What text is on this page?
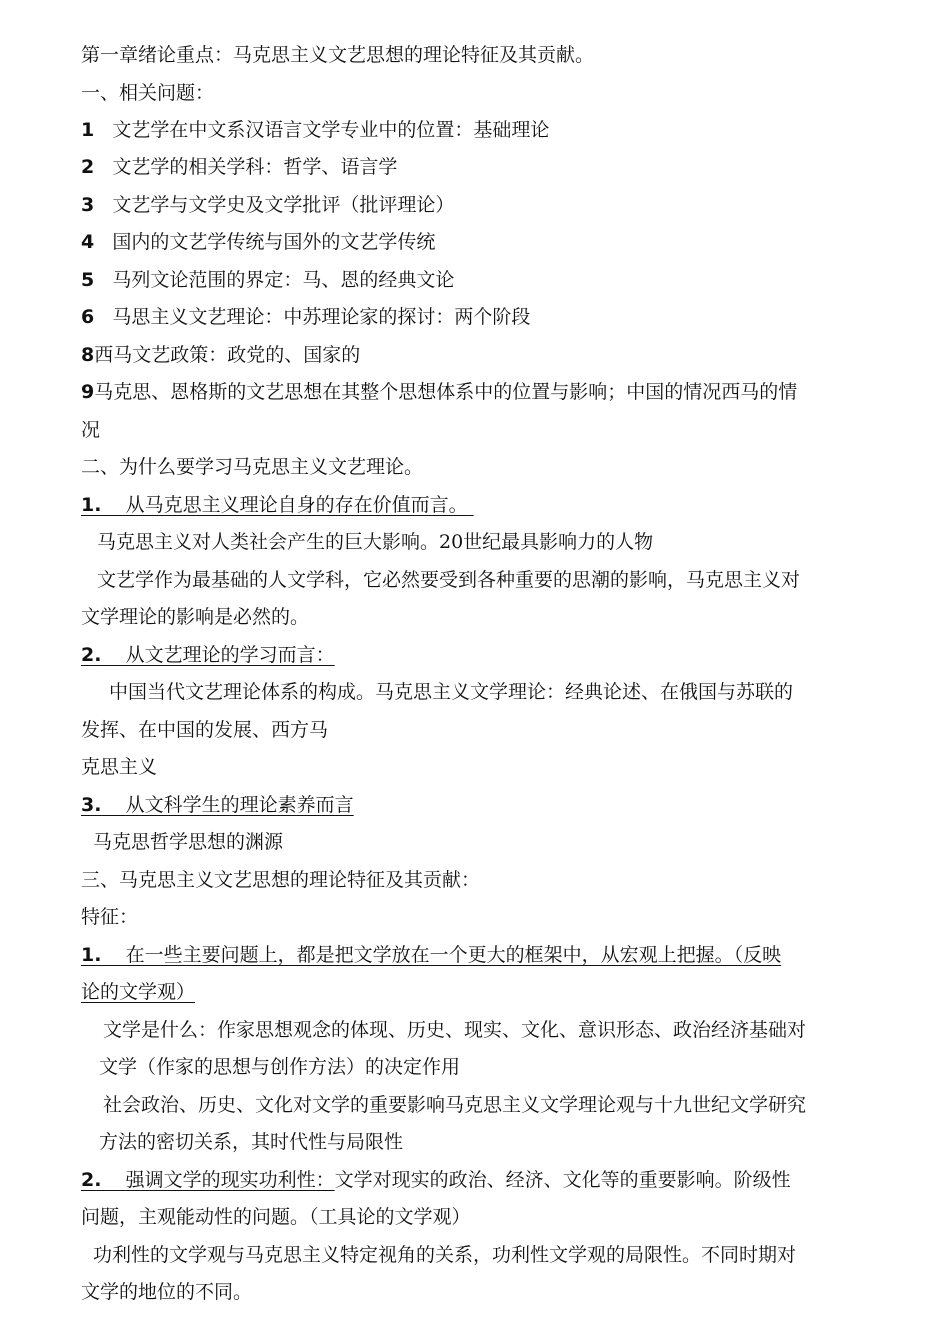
第一章绪论重点：马克思主义文艺思想的理论特征及其贡献。
一、相关问题：
1 文艺学在中文系汉语言文学专业中的位置：基础理论
2 文艺学的相关学科：哲学、语言学
3 文艺学与文学史及文学批评（批评理论）
4 国内的文艺学传统与国外的文艺学传统
5 马列文论范围的界定：马、恩的经典文论
6 马思主义文艺理论：中苏理论家的探讨：两个阶段
8西马文艺政策：政党的、国家的
9马克思、恩格斯的文艺思想在其整个思想体系中的位置与影响；中国的情况西马的情
况
二、为什么要学习马克思主义文艺理论。
1. 从马克思主义理论自身的存在价值而言。
马克思主义对人类社会产生的巨大影响。20世纪最具影响力的人物
文艺学作为最基础的人文学科，它必然要受到各种重要的思潮的影响，马克思主义对
文学理论的影响是必然的。
2. 从文艺理论的学习而言：
中国当代文艺理论体系的构成。马克思主义文学理论：经典论述、在俄国与苏联的
发挥、在中国的发展、西方马
克思主义
3. 从文科学生的理论素养而言
马克思哲学思想的渊源
三、马克思主义文艺思想的理论特征及其贡献：
特征：
1. 在一些主要问题上，都是把文学放在一个更大的框架中，从宏观上把握。（反映
论的文学观）
文学是什么：作家思想观念的体现、历史、现实、文化、意识形态、政治经济基础对
文学（作家的思想与创作方法）的决定作用
社会政治、历史、文化对文学的重要影响马克思主义文学理论观与十九世纪文学研究
方法的密切关系，其时代性与局限性
2. 强调文学的现实功利性：文学对现实的政治、经济、文化等的重要影响。阶级性
问题，主观能动性的问题。（工具论的文学观）
功利性的文学观与马克思主义特定视角的关系，功利性文学观的局限性。不同时期对
文学的地位的不同。
